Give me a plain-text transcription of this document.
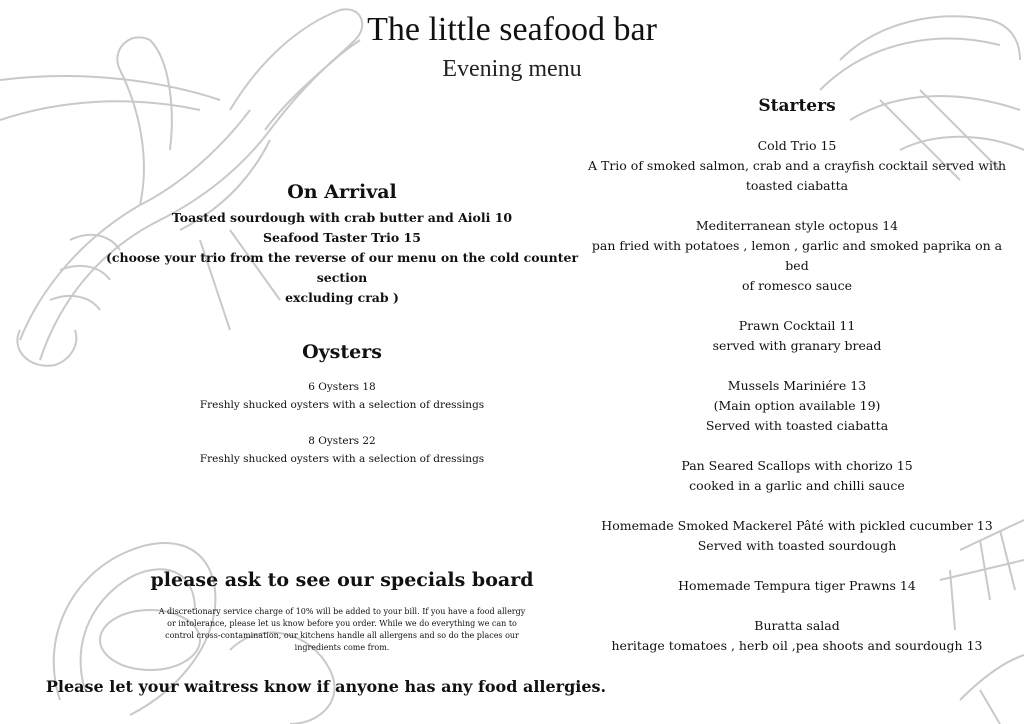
The little seafood bar
Evening menu
On Arrival
Toasted sourdough with crab butter and Aioli 10
Seafood Taster Trio 15
(choose your trio from the reverse of our menu on the cold counter section
excluding crab )
Oysters
6 Oysters 18
Freshly shucked oysters with a selection of dressings
8 Oysters 22
Freshly shucked oysters with a selection of dressings
please ask to see our specials board
A discretionary service charge of 10% will be added to your bill. If you have a food allergy
or intolerance, please let us know before you order. While we do everything we can to
control cross-contamination, our kitchens handle all allergens and so do the places our
ingredients come from.
Please let your waitress know if anyone has any food allergies.
Starters
Cold Trio 15
A Trio of smoked salmon, crab and a crayfish cocktail served with
toasted ciabatta
Mediterranean style octopus 14
pan fried with potatoes , lemon , garlic and smoked paprika on a bed
of romesco sauce
Prawn Cocktail 11
served with granary bread
Mussels Mariniére 13
(Main option available 19)
Served with toasted ciabatta
Pan Seared Scallops with chorizo 15
cooked in a garlic and chilli sauce
Homemade Smoked Mackerel Pâté with pickled cucumber 13
Served with toasted sourdough
Homemade Tempura tiger Prawns 14
Buratta salad
heritage tomatoes , herb oil ,pea shoots and sourdough 13
